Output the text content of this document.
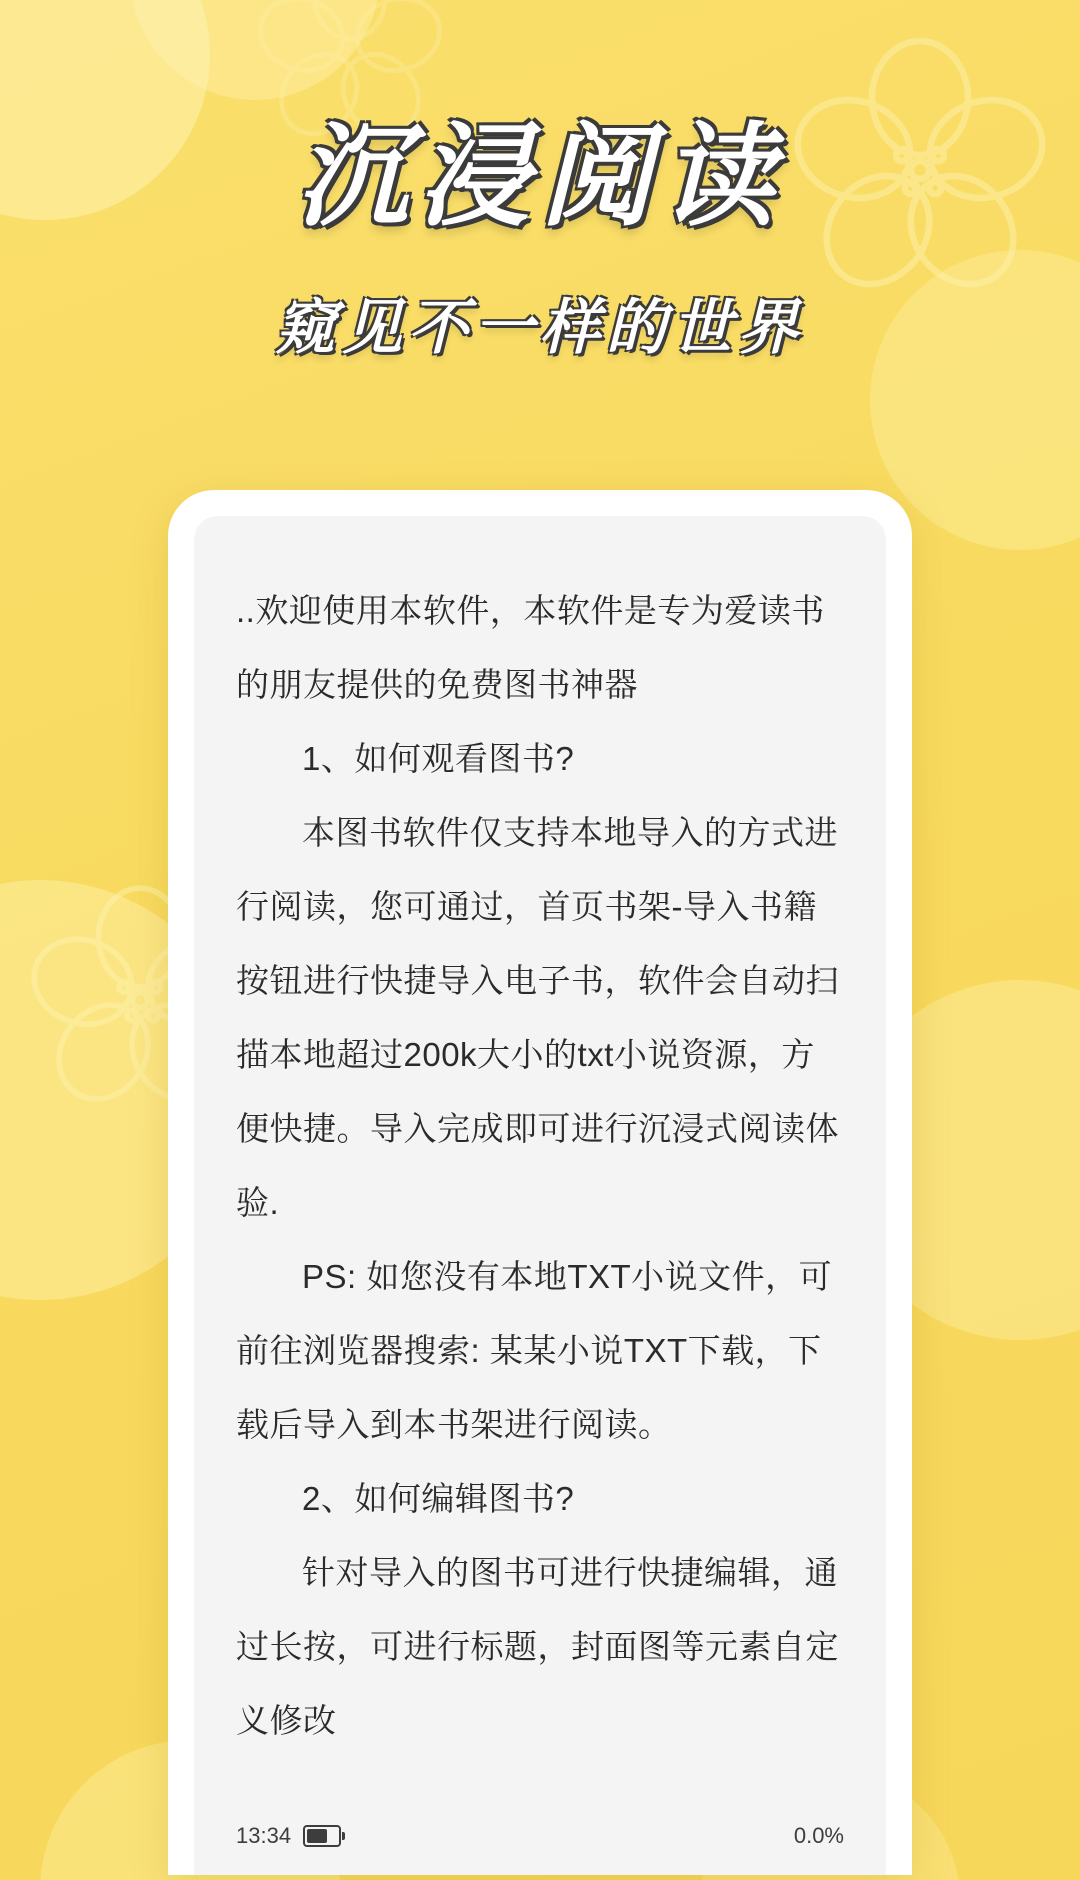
沉浸阅读
窥见不一样的世界

..欢迎使用本软件，本软件是专为爱读书的朋友提供的免费图书神器

1、如何观看图书?

本图书软件仅支持本地导入的方式进行阅读，您可通过，首页书架-导入书籍按钮进行快捷导入电子书，软件会自动扫描本地超过200k大小的txt小说资源，方便快捷。导入完成即可进行沉浸式阅读体验.

PS: 如您没有本地TXT小说文件，可前往浏览器搜索: 某某小说TXT下载，下载后导入到本书架进行阅读。

2、如何编辑图书?

针对导入的图书可进行快捷编辑，通过长按，可进行标题，封面图等元素自定义修改

13:34	0.0%
